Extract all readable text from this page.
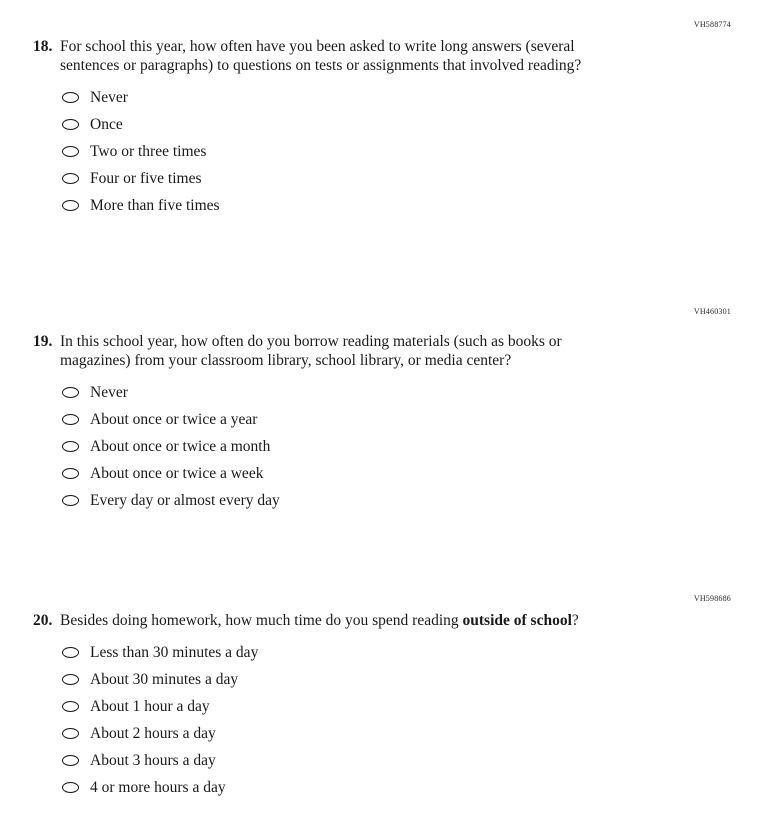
VH588774
18. For school this year, how often have you been asked to write long answers (several sentences or paragraphs) to questions on tests or assignments that involved reading?
Never
Once
Two or three times
Four or five times
More than five times
VH460301
19. In this school year, how often do you borrow reading materials (such as books or magazines) from your classroom library, school library, or media center?
Never
About once or twice a year
About once or twice a month
About once or twice a week
Every day or almost every day
VH598686
20. Besides doing homework, how much time do you spend reading outside of school?
Less than 30 minutes a day
About 30 minutes a day
About 1 hour a day
About 2 hours a day
About 3 hours a day
4 or more hours a day
